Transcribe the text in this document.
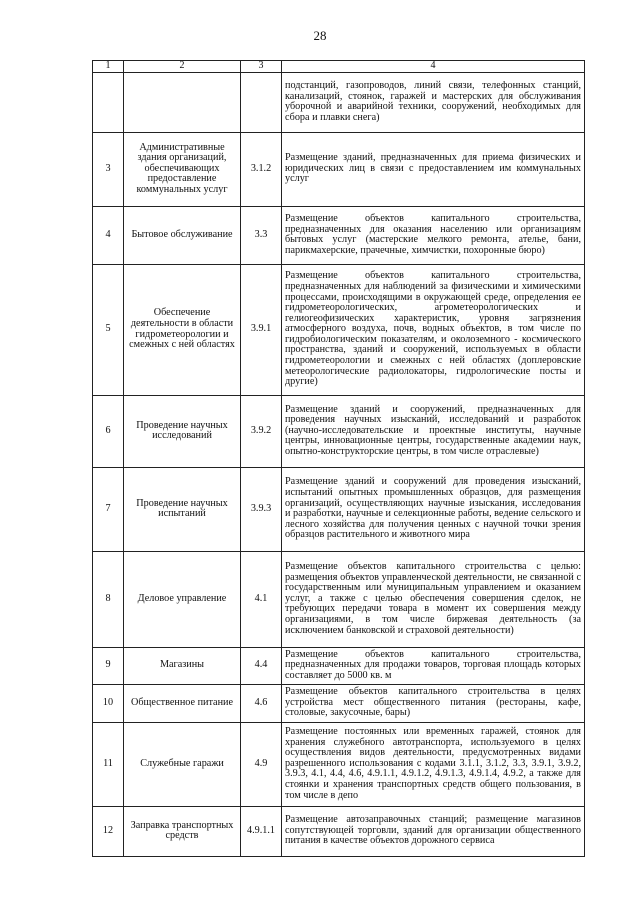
28
1	2	3	4
			подстанций, газопроводов, линий связи, телефонных станций, канализаций, стоянок, гаражей и мастерских для обслуживания уборочной и аварийной техники, сооружений, необходимых для сбора и плавки снега)
3	Административные здания организаций, обеспечивающих предоставление коммунальных услуг	3.1.2	Размещение зданий, предназначенных для приема физических и юридических лиц в связи с предоставлением им коммунальных услуг
4	Бытовое обслуживание	3.3	Размещение объектов капитального строительства, предназначенных для оказания населению или организациям бытовых услуг (мастерские мелкого ремонта, ателье, бани, парикмахерские, прачечные, химчистки, похоронные бюро)
5	Обеспечение деятельности в области гидрометеорологии и смежных с ней областях	3.9.1	Размещение объектов капитального строительства, предназначенных для наблюдений за физическими и химическими процессами, происходящими в окружающей среде, определения ее гидрометеорологических, агрометеорологических и гелиогеофизических характеристик, уровня загрязнения атмосферного воздуха, почв, водных объектов, в том числе по гидробиологическим показателям, и околоземного - космического пространства, зданий и сооружений, используемых в области гидрометеорологии и смежных с ней областях (доплеровские метеорологические радиолокаторы, гидрологические посты и другие)
6	Проведение научных исследований	3.9.2	Размещение зданий и сооружений, предназначенных для проведения научных изысканий, исследований и разработок (научно-исследовательские и проектные институты, научные центры, инновационные центры, государственные академии наук, опытно-конструкторские центры, в том числе отраслевые)
7	Проведение научных испытаний	3.9.3	Размещение зданий и сооружений для проведения изысканий, испытаний опытных промышленных образцов, для размещения организаций, осуществляющих научные изыскания, исследования и разработки, научные и селекционные работы, ведение сельского и лесного хозяйства для получения ценных с научной точки зрения образцов растительного и животного мира
8	Деловое управление	4.1	Размещение объектов капитального строительства с целью: размещения объектов управленческой деятельности, не связанной с государственным или муниципальным управлением и оказанием услуг, а также с целью обеспечения совершения сделок, не требующих передачи товара в момент их совершения между организациями, в том числе биржевая деятельность (за исключением банковской и страховой деятельности)
9	Магазины	4.4	Размещение объектов капитального строительства, предназначенных для продажи товаров, торговая площадь которых составляет до 5000 кв. м
10	Общественное питание	4.6	Размещение объектов капитального строительства в целях устройства мест общественного питания (рестораны, кафе, столовые, закусочные, бары)
11	Служебные гаражи	4.9	Размещение постоянных или временных гаражей, стоянок для хранения служебного автотранспорта, используемого в целях осуществления видов деятельности, предусмотренных видами разрешенного использования с кодами 3.1.1, 3.1.2, 3.3, 3.9.1, 3.9.2, 3.9.3, 4.1, 4.4, 4.6, 4.9.1.1, 4.9.1.2, 4.9.1.3, 4.9.1.4, 4.9.2, а также для стоянки и хранения транспортных средств общего пользования, в том числе в депо
12	Заправка транспортных средств	4.9.1.1	Размещение автозаправочных станций; размещение магазинов сопутствующей торговли, зданий для организации общественного питания в качестве объектов дорожного сервиса
